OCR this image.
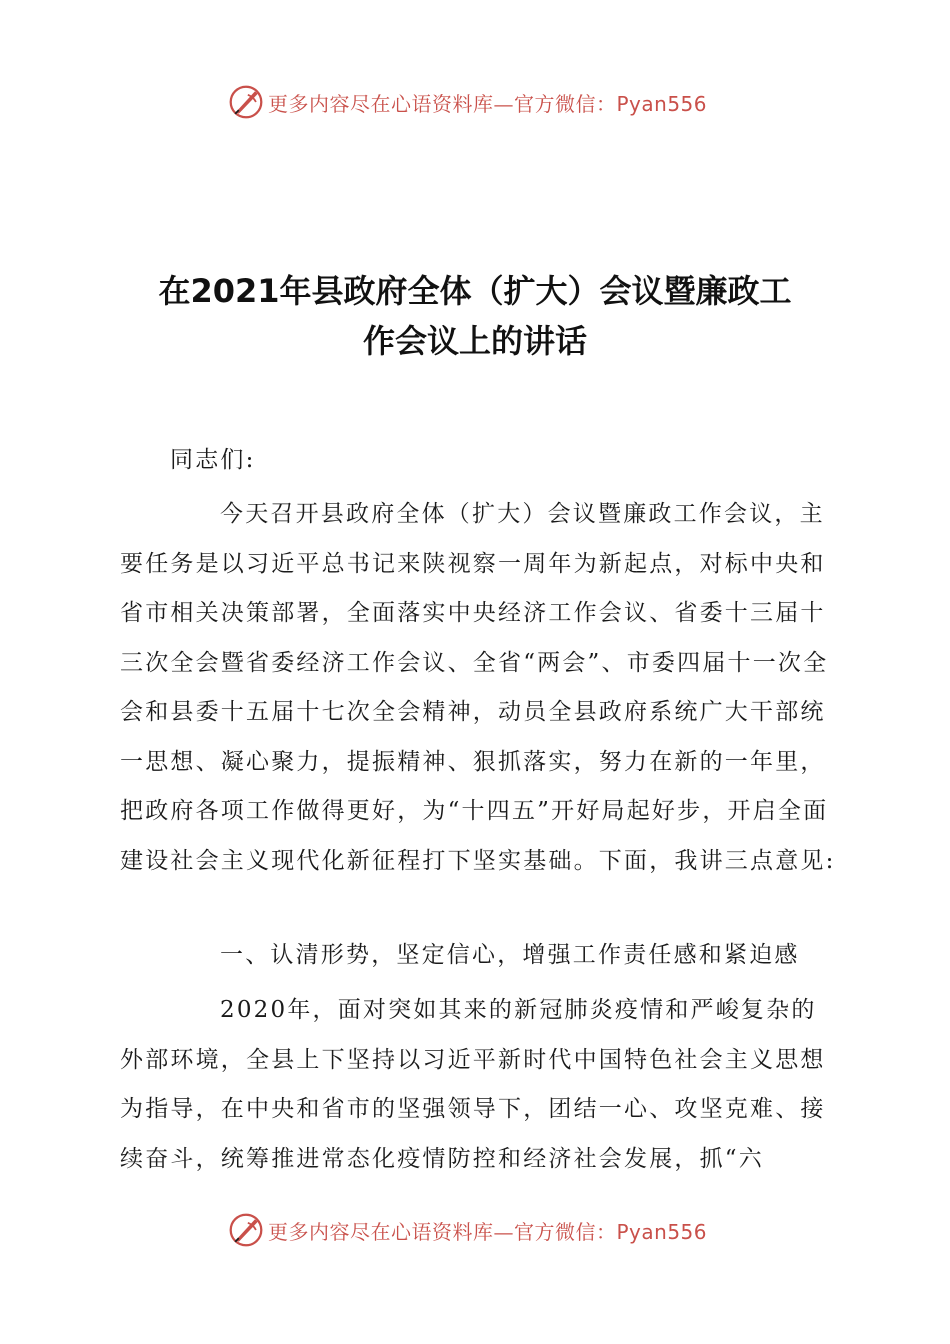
更多内容尽在心语资料库—官方微信：Pyan556
在2021年县政府全体（扩大）会议暨廉政工
作会议上的讲话
同志们:
今天召开县政府全体（扩大）会议暨廉政工作会议，主要任务是以习近平总书记来陕视察一周年为新起点，对标中央和省市相关决策部署，全面落实中央经济工作会议、省委十三届十三次全会暨省委经济工作会议、全省“两会”、市委四届十一次全会和县委十五届十七次全会精神，动员全县政府系统广大干部统一思想、凝心聚力，提振精神、狠抓落实，努力在新的一年里，把政府各项工作做得更好，为“十四五”开好局起好步，开启全面建设社会主义现代化新征程打下坚实基础。下面，我讲三点意见:
一、认清形势，坚定信心，增强工作责任感和紧迫感
2020年，面对突如其来的新冠肺炎疫情和严峻复杂的外部环境，全县上下坚持以习近平新时代中国特色社会主义思想为指导，在中央和省市的坚强领导下，团结一心、攻坚克难、接续奋斗，统筹推进常态化疫情防控和经济社会发展，抓“六
更多内容尽在心语资料库—官方微信：Pyan556
